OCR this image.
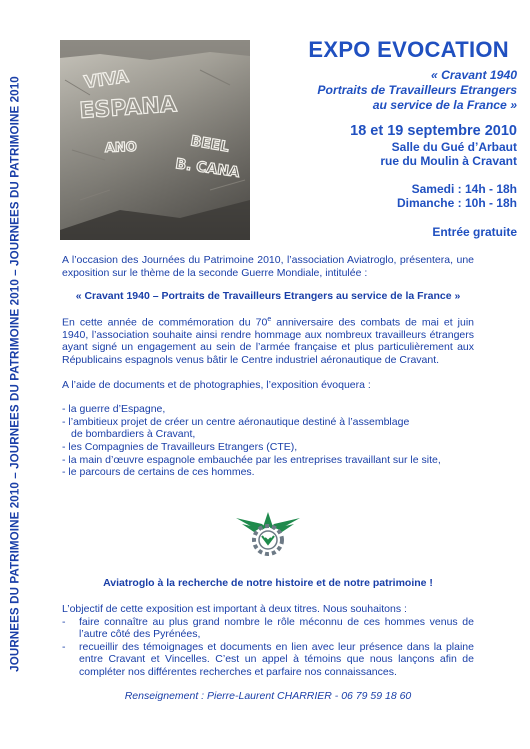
JOURNEES DU PATRIMOINE 2010 – JOURNEES DU PATRIMOINE 2010 – JOURNEES DU PATRIMOINE 2010	VIVA
ESPANA
ANO	BEEL
B. CANA
EXPO EVOCATION
« Cravant 1940
Portraits de Travailleurs Etrangers
au service de la France »
18 et 19 septembre 2010
Salle du Gué d’Arbaut
rue du Moulin à Cravant
Samedi : 14h - 18h
Dimanche : 10h - 18h
Entrée gratuite

A l’occasion des Journées du Patrimoine 2010, l’association Aviatroglo, présentera, une exposition sur le thème de la seconde Guerre Mondiale, intitulée :

« Cravant 1940 – Portraits de Travailleurs Etrangers au service de la France »

En cette année de commémoration du 70e anniversaire des combats de mai et juin 1940, l’association souhaite ainsi rendre hommage aux nombreux travailleurs étrangers ayant signé un engagement au sein de l’armée française et plus particulièrement aux Républicains espagnols venus bâtir le Centre industriel aéronautique de Cravant.

A l’aide de documents et de photographies, l’exposition évoquera :

- la guerre d’Espagne,
- l’ambitieux projet de créer un centre aéronautique destiné à l’assemblage
de bombardiers à Cravant,
- les Compagnies de Travailleurs Etrangers (CTE),
- la main d’œuvre espagnole embauchée par les entreprises travaillant sur le site,
- le parcours de certains de ces hommes.
Aviatroglo à la recherche de notre histoire et de notre patrimoine !

L’objectif de cette exposition est important à deux titres. Nous souhaitons :

- faire connaître au plus grand nombre le rôle méconnu de ces hommes venus de l’autre côté des Pyrénées,
- recueillir des témoignages et documents en lien avec leur présence dans la plaine entre Cravant et Vincelles. C’est un appel à témoins que nous lançons afin de compléter nos différentes recherches et parfaire nos connaissances.
Renseignement : Pierre-Laurent CHARRIER - 06 79 59 18 60
